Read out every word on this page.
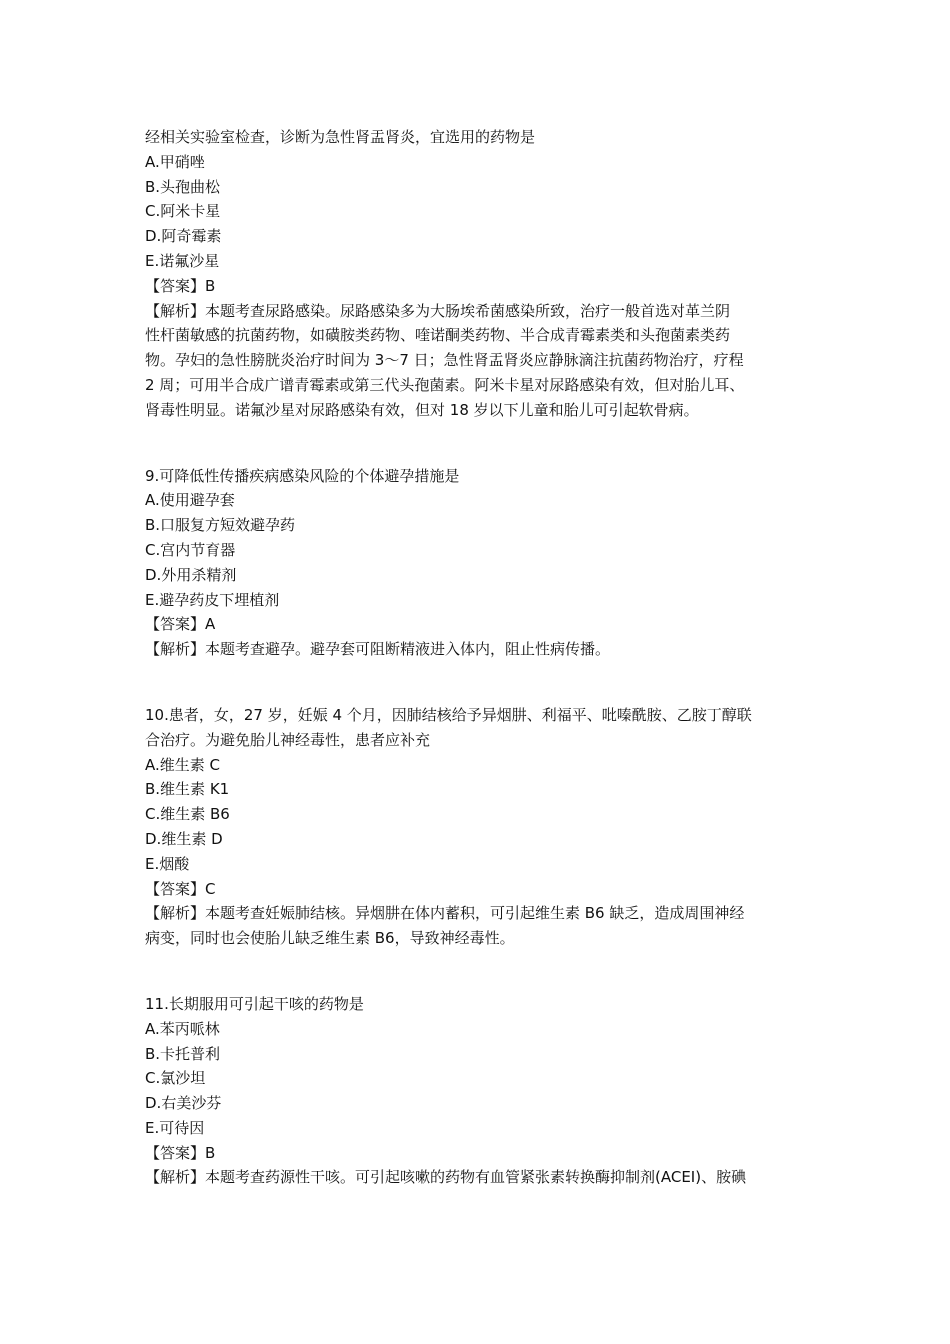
经相关实验室检查，诊断为急性肾盂肾炎，宜选用的药物是

A.甲硝唑

B.头孢曲松

C.阿米卡星

D.阿奇霉素

E.诺氟沙星

【答案】B

【解析】本题考查尿路感染。尿路感染多为大肠埃希菌感染所致，治疗一般首选对革兰阴

性杆菌敏感的抗菌药物，如磺胺类药物、喹诺酮类药物、半合成青霉素类和头孢菌素类药

物。孕妇的急性膀胱炎治疗时间为 3～7 日；急性肾盂肾炎应静脉滴注抗菌药物治疗，疗程

2 周；可用半合成广谱青霉素或第三代头孢菌素。阿米卡星对尿路感染有效，但对胎儿耳、

肾毒性明显。诺氟沙星对尿路感染有效，但对 18 岁以下儿童和胎儿可引起软骨病。

9.可降低性传播疾病感染风险的个体避孕措施是

A.使用避孕套

B.口服复方短效避孕药

C.宫内节育器

D.外用杀精剂

E.避孕药皮下埋植剂

【答案】A

【解析】本题考查避孕。避孕套可阻断精液进入体内，阻止性病传播。

10.患者，女，27 岁，妊娠 4 个月，因肺结核给予异烟肼、利福平、吡嗪酰胺、乙胺丁醇联

合治疗。为避免胎儿神经毒性，患者应补充

A.维生素 C

B.维生素 K1

C.维生素 B6

D.维生素 D

E.烟酸

【答案】C

【解析】本题考查妊娠肺结核。异烟肼在体内蓄积，可引起维生素 B6 缺乏，造成周围神经

病变，同时也会使胎儿缺乏维生素 B6，导致神经毒性。

11.长期服用可引起干咳的药物是

A.苯丙哌林

B.卡托普利

C.氯沙坦

D.右美沙芬

E.可待因

【答案】B

【解析】本题考查药源性干咳。可引起咳嗽的药物有血管紧张素转换酶抑制剂(ACEI)、胺碘
